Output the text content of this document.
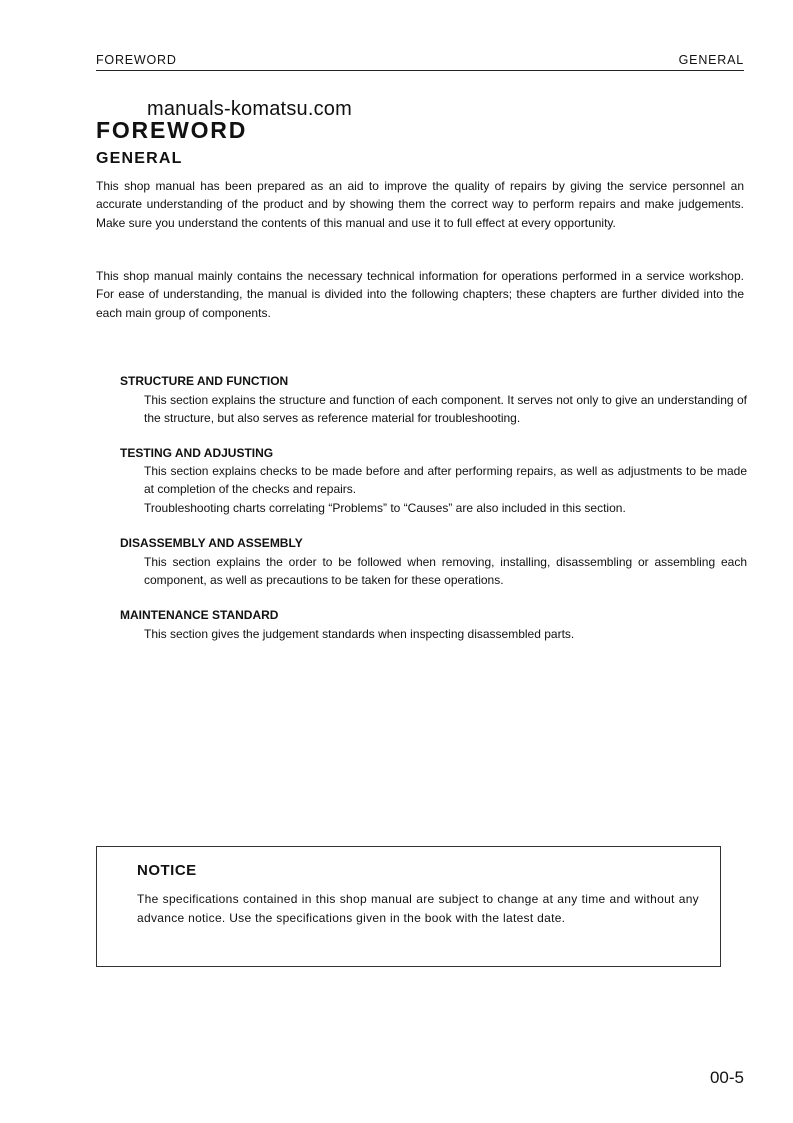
FOREWORD	GENERAL
manuals-komatsu.com
FOREWORD
GENERAL
This shop manual has been prepared as an aid to improve the quality of repairs by giving the service personnel an accurate understanding of the product and by showing them the correct way to perform repairs and make judgements. Make sure you understand the contents of this manual and use it to full effect at every opportunity.
This shop manual mainly contains the necessary technical information for operations performed in a service workshop. For ease of understanding, the manual is divided into the following chapters; these chapters are further divided into the each main group of components.
STRUCTURE AND FUNCTION
This section explains the structure and function of each component. It serves not only to give an understanding of the structure, but also serves as reference material for troubleshooting.
TESTING AND ADJUSTING
This section explains checks to be made before and after performing repairs, as well as adjustments to be made at completion of the checks and repairs.
Troubleshooting charts correlating “Problems” to “Causes” are also included in this section.
DISASSEMBLY AND ASSEMBLY
This section explains the order to be followed when removing, installing, disassembling or assembling each component, as well as precautions to be taken for these operations.
MAINTENANCE STANDARD
This section gives the judgement standards when inspecting disassembled parts.
NOTICE
The specifications contained in this shop manual are subject to change at any time and without any advance notice. Use the specifications given in the book with the latest date.
00-5
